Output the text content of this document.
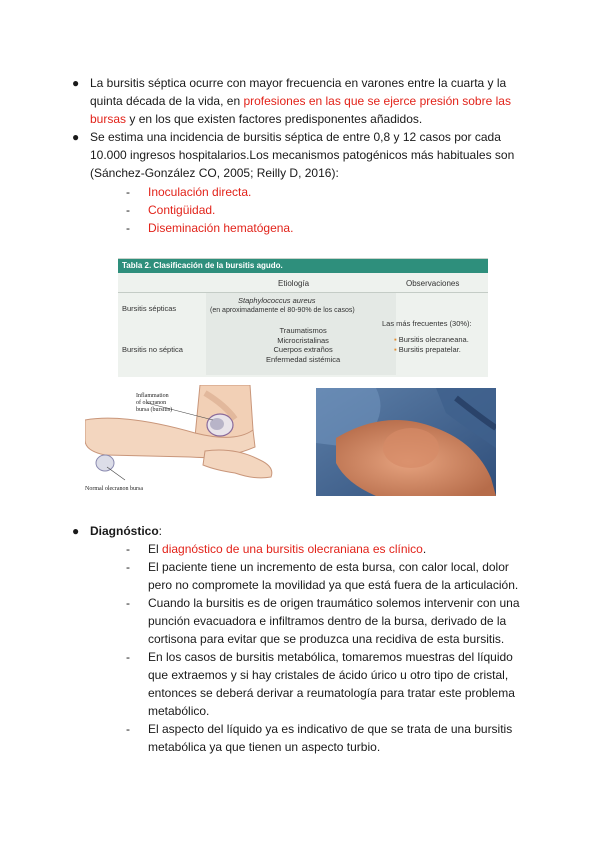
● La bursitis séptica ocurre con mayor frecuencia en varones entre la cuarta y la
quinta década de la vida, en profesiones en las que se ejerce presión sobre las
bursas y en los que existen factores predisponentes añadidos.
● Se estima una incidencia de bursitis séptica de entre 0,8 y 12 casos por cada
10.000 ingresos hospitalarios.Los mecanismos patogénicos más habituales son
(Sánchez-González CO, 2005; Reilly D, 2016):
- Inoculación directa.
- Contigüidad.
- Diseminación hematógena.
Tabla 2. Clasificación de la bursitis agudo.
Etiología	Observaciones
Bursitis sépticas
Staphylococcus aureus
(en aproximadamente el 80-90% de los casos)
Bursitis no séptica
Traumatismos
Microcristalinas
Cuerpos extraños
Enfermedad sistémica
Las más frecuentes (30%):
▪ Bursitis olecraneana.
▪ Bursitis prepatelar.
Inflammation
of olecranon
bursa (bursitis)
Normal olecranon bursa
● Diagnóstico:
- El diagnóstico de una bursitis olecraniana es clínico.
- El paciente tiene un incremento de esta bursa, con calor local, dolor
pero no compromete la movilidad ya que está fuera de la articulación.
- Cuando la bursitis es de origen traumático solemos intervenir con una
punción evacuadora e infiltramos dentro de la bursa, derivado de la
cortisona para evitar que se produzca una recidiva de esta bursitis.
- En los casos de bursitis metabólica, tomaremos muestras del líquido
que extraemos y si hay cristales de ácido úrico u otro tipo de cristal,
entonces se deberá derivar a reumatología para tratar este problema
metabólico.
- El aspecto del líquido ya es indicativo de que se trata de una bursitis
metabólica ya que tienen un aspecto turbio.
